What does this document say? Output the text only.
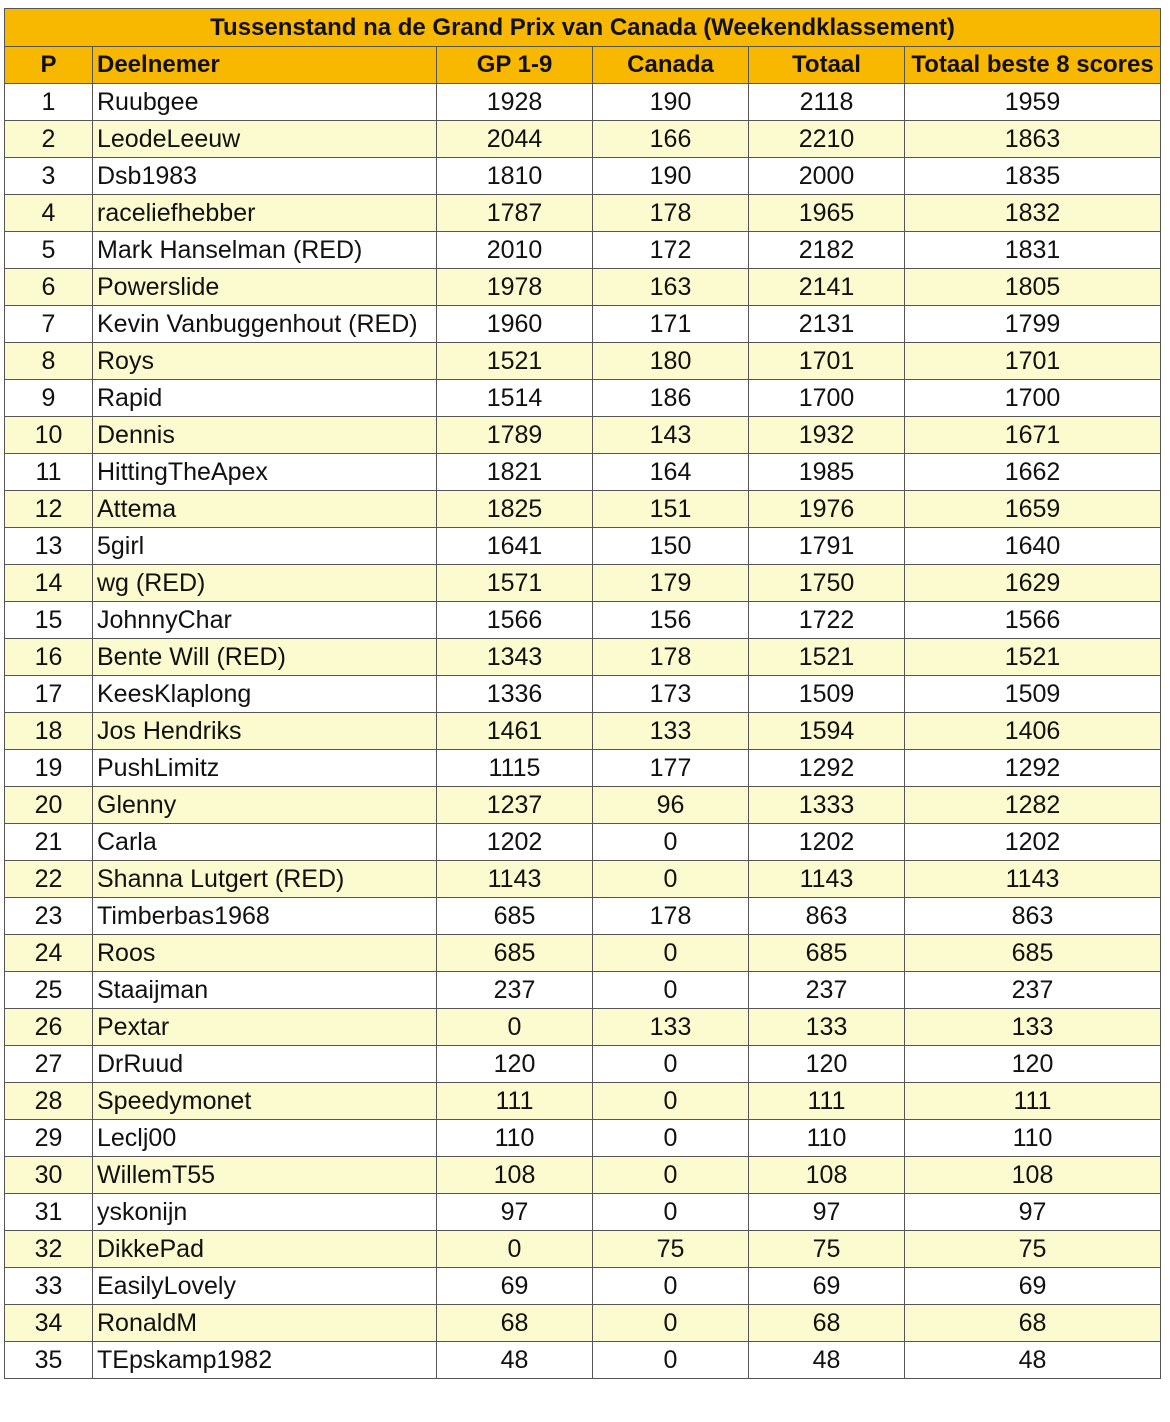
Tussenstand na de Grand Prix van Canada (Weekendklassement)					
P	Deelnemer	GP 1-9	Canada	Totaal	Totaal beste 8 scores
1	Ruubgee	1928	190	2118	1959
2	LeodeLeeuw	2044	166	2210	1863
3	Dsb1983	1810	190	2000	1835
4	raceliefhebber	1787	178	1965	1832
5	Mark Hanselman (RED)	2010	172	2182	1831
6	Powerslide	1978	163	2141	1805
7	Kevin Vanbuggenhout (RED)	1960	171	2131	1799
8	Roys	1521	180	1701	1701
9	Rapid	1514	186	1700	1700
10	Dennis	1789	143	1932	1671
11	HittingTheApex	1821	164	1985	1662
12	Attema	1825	151	1976	1659
13	5girl	1641	150	1791	1640
14	wg (RED)	1571	179	1750	1629
15	JohnnyChar	1566	156	1722	1566
16	Bente Will (RED)	1343	178	1521	1521
17	KeesKlaplong	1336	173	1509	1509
18	Jos Hendriks	1461	133	1594	1406
19	PushLimitz	1115	177	1292	1292
20	Glenny	1237	96	1333	1282
21	Carla	1202	0	1202	1202
22	Shanna Lutgert (RED)	1143	0	1143	1143
23	Timberbas1968	685	178	863	863
24	Roos	685	0	685	685
25	Staaijman	237	0	237	237
26	Pextar	0	133	133	133
27	DrRuud	120	0	120	120
28	Speedymonet	111	0	111	111
29	Leclj00	110	0	110	110
30	WillemT55	108	0	108	108
31	yskonijn	97	0	97	97
32	DikkePad	0	75	75	75
33	EasilyLovely	69	0	69	69
34	RonaldM	68	0	68	68
35	TEpskamp1982	48	0	48	48
